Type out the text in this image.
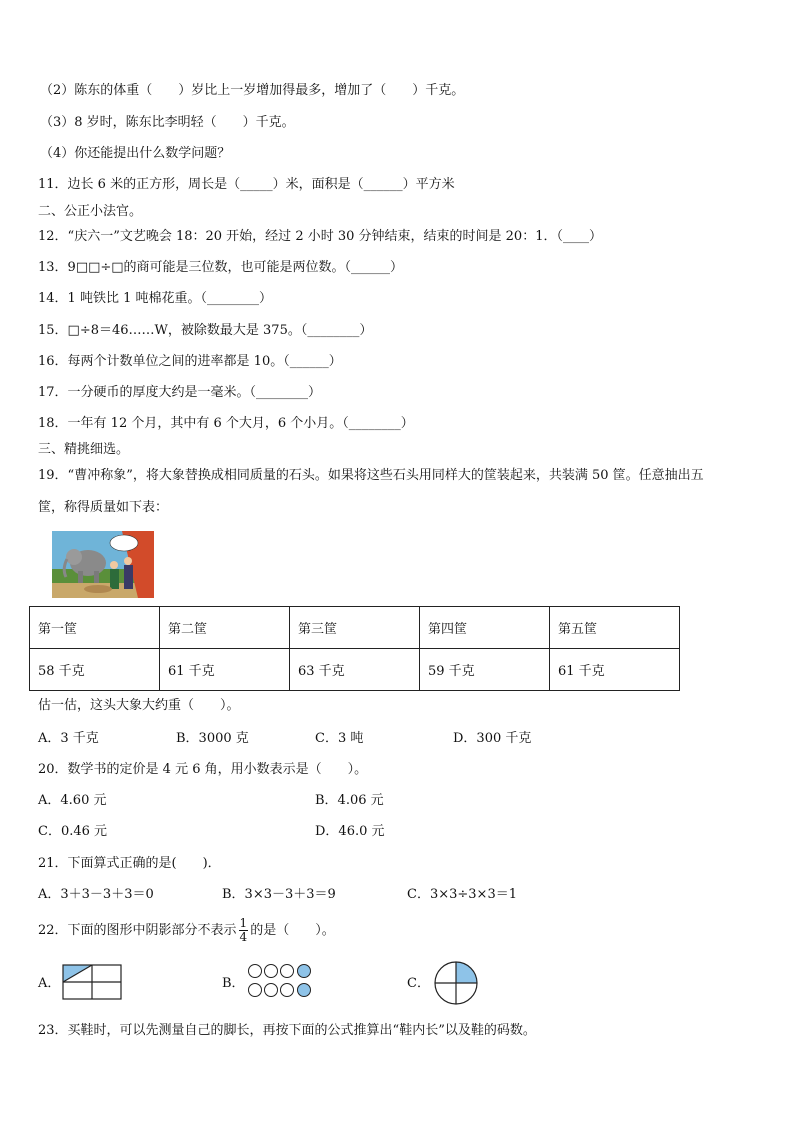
（2）陈东的体重（　　）岁比上一岁增加得最多，增加了（　　）千克。
（3）8 岁时，陈东比李明轻（　　）千克。
（4）你还能提出什么数学问题？
11．边长 6 米的正方形，周长是（_____）米，面积是（______）平方米
二、公正小法官。
12．“庆六一”文艺晚会 18：20 开始，经过 2 小时 30 分钟结束，结束的时间是 20：1．（____）
13．9□□÷□的商可能是三位数，也可能是两位数。（______）
14．1 吨铁比 1 吨棉花重。（________）
15．□÷8＝46……W，被除数最大是 375。（________）
16．每两个计数单位之间的进率都是 10。（______）
17．一分硬币的厚度大约是一毫米。（________）
18．一年有 12 个月，其中有 6 个大月，6 个小月。（________）
三、精挑细选。
19．“曹冲称象”，将大象替换成相同质量的石头。如果将这些石头用同样大的筐装起来，共装满 50 筐。任意抽出五
筐，称得质量如下表：
第一筐	第二筐	第三筐	第四筐	第五筐
58 千克	61 千克	63 千克	59 千克	61 千克
估一估，这头大象大约重（　　）。
A．3 千克	B．3000 克	C．3 吨	D．300 千克
20．数学书的定价是 4 元 6 角，用小数表示是（　　）。
A．4.60 元	B．4.06 元
C．0.46 元	D．46.0 元
21．下面算式正确的是(　　)．
A．3＋3－3＋3＝0	B．3×3－3＋3＝9	C．3×3÷3×3＝1
22．下面的图形中阴影部分不表示 $\frac{1}{4}$ 的是（　　）。
A．	B．	C．
23．买鞋时，可以先测量自己的脚长，再按下面的公式推算出“鞋内长”以及鞋的码数。
